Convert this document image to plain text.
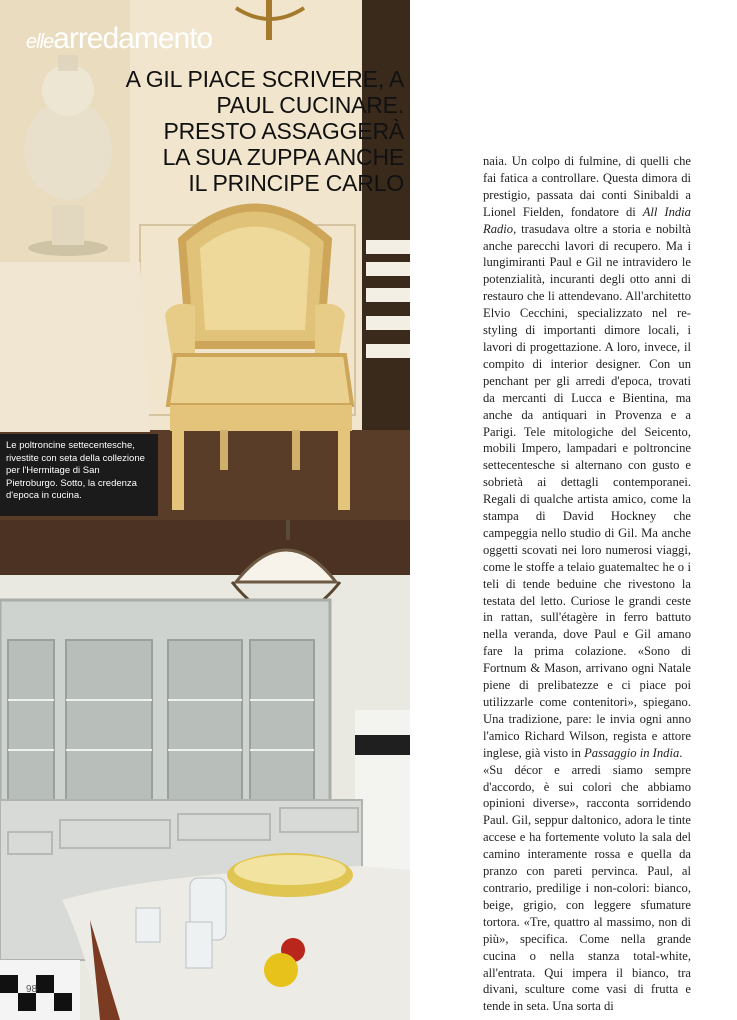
ellearredamento
A GIL PIACE SCRIVERE, A
PAUL CUCINARE.
PRESTO ASSAGGERÀ
LA SUA ZUPPA ANCHE
IL PRINCIPE CARLO
Le poltroncine settecentesche, rivestite con seta della collezione per l'Hermitage di San Pietroburgo. Sotto, la credenza d'epoca in cucina.
98

naia. Un colpo di fulmine, di quelli che fai fatica a controllare. Questa dimora di prestigio, passata dai conti Sinibaldi a Lionel Fielden, fondatore di All India Radio, trasudava oltre a storia e nobiltà anche parecchi lavori di recupero. Ma i lungimiranti Paul e Gil ne intravidero le potenzialità, incuranti degli otto anni di restauro che li attendevano. All'architetto Elvio Cecchini, specializzato nel re-styling di importanti dimore locali, i lavori di progettazione. A loro, invece, il compito di interior designer. Con un penchant per gli arredi d'epoca, trovati da mercanti di Lucca e Bientina, ma anche da antiquari in Provenza e a Parigi. Tele mitologiche del Seicento, mobili Impero, lampadari e poltroncine settecentesche si alternano con gusto e sobrietà ai dettagli contemporanei. Regali di qualche artista amico, come la stampa di David Hockney che campeggia nello studio di Gil. Ma anche oggetti scovati nei loro numerosi viaggi, come le stoffe a telaio guatemaltec he o i teli di tende beduine che rivestono la testata del letto. Curiose le grandi ceste in rattan, sull'étagère in ferro battuto nella veranda, dove Paul e Gil amano fare la prima colazione. «Sono di Fortnum & Mason, arrivano ogni Natale piene di prelibatezze e ci piace poi utilizzarle come contenitori», spiegano. Una tradizione, pare: le invia ogni anno l'amico Richard Wilson, regista e attore inglese, già visto in Passaggio in India.

«Su décor e arredi siamo sempre d'accordo, è sui colori che abbiamo opinioni diverse», racconta sorridendo Paul. Gil, seppur daltonico, adora le tinte accese e ha fortemente voluto la sala del camino interamente rossa e quella da pranzo con pareti pervinca. Paul, al contrario, predilige i non-colori: bianco, beige, grigio, con leggere sfumature tortora. «Tre, quattro al massimo, non di più», specifica. Come nella grande cucina o nella stanza total-white, all'entrata. Qui impera il bianco, tra divani, sculture come vasi di frutta e tende in seta. Una sorta di
